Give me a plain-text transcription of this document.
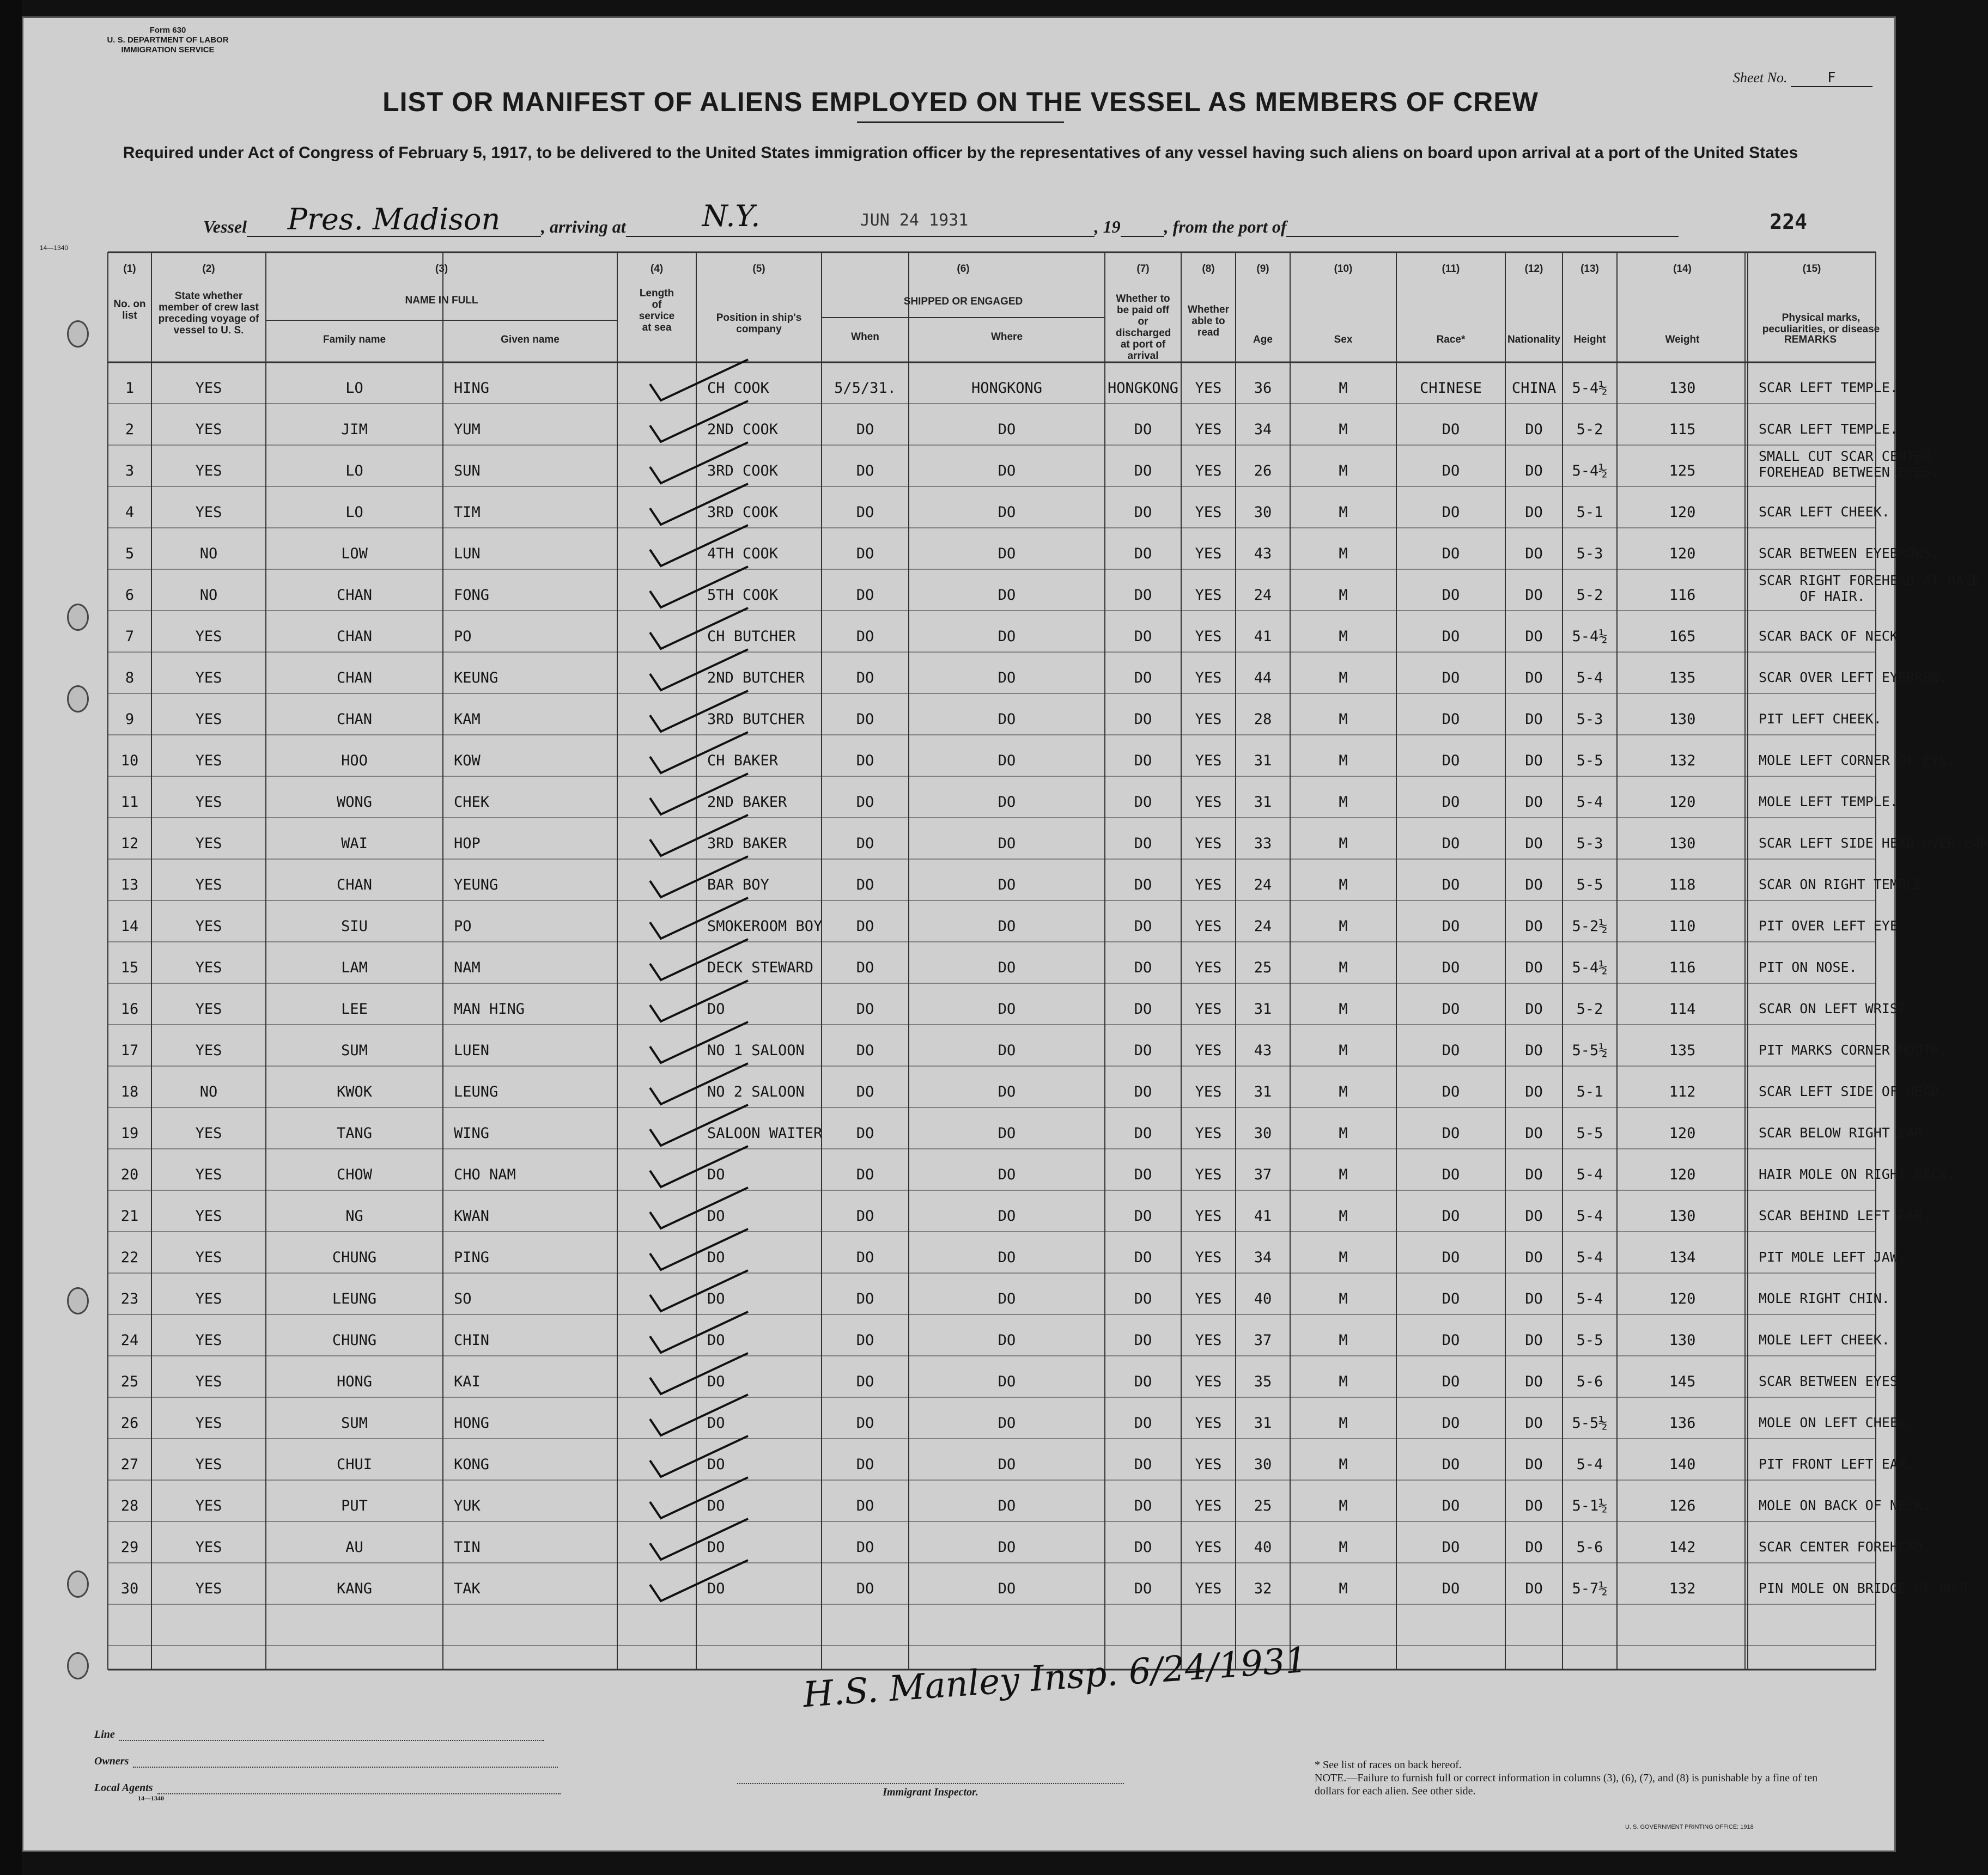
Form 630
U. S. DEPARTMENT OF LABOR
IMMIGRATION SERVICE
Sheet No.	F
LIST OR MANIFEST OF ALIENS EMPLOYED ON THE VESSEL AS MEMBERS OF CREW
Required under Act of Congress of February 5, 1917, to be delivered to the United States immigration officer by the representatives of any vessel having such aliens on board upon arrival at a port of the United States
Vessel	Pres. Madison	, arriving at	N.Y.	JUN 24 1931	, 19	, from the port of	224
14—1340
(1)	(2)	(3)	(4)	(5)	(6)	(7)	(8)	(9)	(10)	(11)	(12)	(13)	(14)	(15)
No. on list
State whether member of crew last preceding voyage of vessel to U. S.
NAME IN FULL
Family name	Given name
Length of service at sea
Position in ship's company
SHIPPED OR ENGAGED
When	Where
Whether to be paid off or discharged at port of arrival
Whether able to read
Age	Sex	Race*	Nationality	Height	Weight
Physical marks, peculiarities, or disease
REMARKS
1	YES	LO	HING	CH COOK	5/5/31.	HONGKONG	HONGKONG	YES	36	M	CHINESE	CHINA	5-4½	130	SCAR LEFT TEMPLE.
2	YES	JIM	YUM	2ND COOK	DO	DO	DO	YES	34	M	DO	DO	5-2	115	SCAR LEFT TEMPLE.
3	YES	LO	SUN	3RD COOK	DO	DO	DO	YES	26	M	DO	DO	5-4½	125
SMALL CUT SCAR CENTER
FOREHEAD BETWEEN EYES.
4	YES	LO	TIM	3RD COOK	DO	DO	DO	YES	30	M	DO	DO	5-1	120	SCAR LEFT CHEEK.
5	NO	LOW	LUN	4TH COOK	DO	DO	DO	YES	43	M	DO	DO	5-3	120	SCAR BETWEEN EYEBROWS.
6	NO	CHAN	FONG	5TH COOK	DO	DO	DO	YES	24	M	DO	DO	5-2	116
SCAR RIGHT FOREHEAD AT BASE
OF HAIR.
7	YES	CHAN	PO	CH BUTCHER	DO	DO	DO	YES	41	M	DO	DO	5-4½	165	SCAR BACK OF NECK.
8	YES	CHAN	KEUNG	2ND BUTCHER	DO	DO	DO	YES	44	M	DO	DO	5-4	135	SCAR OVER LEFT EYEBROW.
9	YES	CHAN	KAM	3RD BUTCHER	DO	DO	DO	YES	28	M	DO	DO	5-3	130	PIT LEFT CHEEK.
10	YES	HOO	KOW	CH BAKER	DO	DO	DO	YES	31	M	DO	DO	5-5	132	MOLE LEFT CORNER OF EYE.
11	YES	WONG	CHEK	2ND BAKER	DO	DO	DO	YES	31	M	DO	DO	5-4	120	MOLE LEFT TEMPLE.
12	YES	WAI	HOP	3RD BAKER	DO	DO	DO	YES	33	M	DO	DO	5-3	130	SCAR LEFT SIDE HEAD OVER EAR
13	YES	CHAN	YEUNG	BAR BOY	DO	DO	DO	YES	24	M	DO	DO	5-5	118	SCAR ON RIGHT TEMPLE.
14	YES	SIU	PO	SMOKEROOM BOY	DO	DO	DO	YES	24	M	DO	DO	5-2½	110	PIT OVER LEFT EYE.
15	YES	LAM	NAM	DECK STEWARD	DO	DO	DO	YES	25	M	DO	DO	5-4½	116	PIT ON NOSE.
16	YES	LEE	MAN HING	DO	DO	DO	DO	YES	31	M	DO	DO	5-2	114	SCAR ON LEFT WRIST.
17	YES	SUM	LUEN	NO 1 SALOON	DO	DO	DO	YES	43	M	DO	DO	5-5½	135	PIT MARKS CORNER MOUTH.
18	NO	KWOK	LEUNG	NO 2 SALOON	DO	DO	DO	YES	31	M	DO	DO	5-1	112	SCAR LEFT SIDE OF HEAD.
19	YES	TANG	WING	SALOON WAITER	DO	DO	DO	YES	30	M	DO	DO	5-5	120	SCAR BELOW RIGHT EAR.
20	YES	CHOW	CHO NAM	DO	DO	DO	DO	YES	37	M	DO	DO	5-4	120	HAIR MOLE ON RIGHT NECK.
21	YES	NG	KWAN	DO	DO	DO	DO	YES	41	M	DO	DO	5-4	130	SCAR BEHIND LEFT EAR.
22	YES	CHUNG	PING	DO	DO	DO	DO	YES	34	M	DO	DO	5-4	134	PIT MOLE LEFT JAW.
23	YES	LEUNG	SO	DO	DO	DO	DO	YES	40	M	DO	DO	5-4	120	MOLE RIGHT CHIN.
24	YES	CHUNG	CHIN	DO	DO	DO	DO	YES	37	M	DO	DO	5-5	130	MOLE LEFT CHEEK.
25	YES	HONG	KAI	DO	DO	DO	DO	YES	35	M	DO	DO	5-6	145	SCAR BETWEEN EYES.
26	YES	SUM	HONG	DO	DO	DO	DO	YES	31	M	DO	DO	5-5½	136	MOLE ON LEFT CHEEK.
27	YES	CHUI	KONG	DO	DO	DO	DO	YES	30	M	DO	DO	5-4	140	PIT FRONT LEFT EAR.
28	YES	PUT	YUK	DO	DO	DO	DO	YES	25	M	DO	DO	5-1½	126	MOLE ON BACK OF NECK.
29	YES	AU	TIN	DO	DO	DO	DO	YES	40	M	DO	DO	5-6	142	SCAR CENTER FOREHEAD.
30	YES	KANG	TAK	DO	DO	DO	DO	YES	32	M	DO	DO	5-7½	132	PIN MOLE ON BRIDGE OF NOSE.
H.S. Manley Insp. 6/24/1931
Line
Owners
Local Agents
14—1340	Immigrant Inspector.
* See list of races on back hereof.
NOTE.—Failure to furnish full or correct information in columns (3), (6), (7), and (8) is punishable by a fine of ten dollars for each alien. See other side.
U. S. GOVERNMENT PRINTING OFFICE: 1918
